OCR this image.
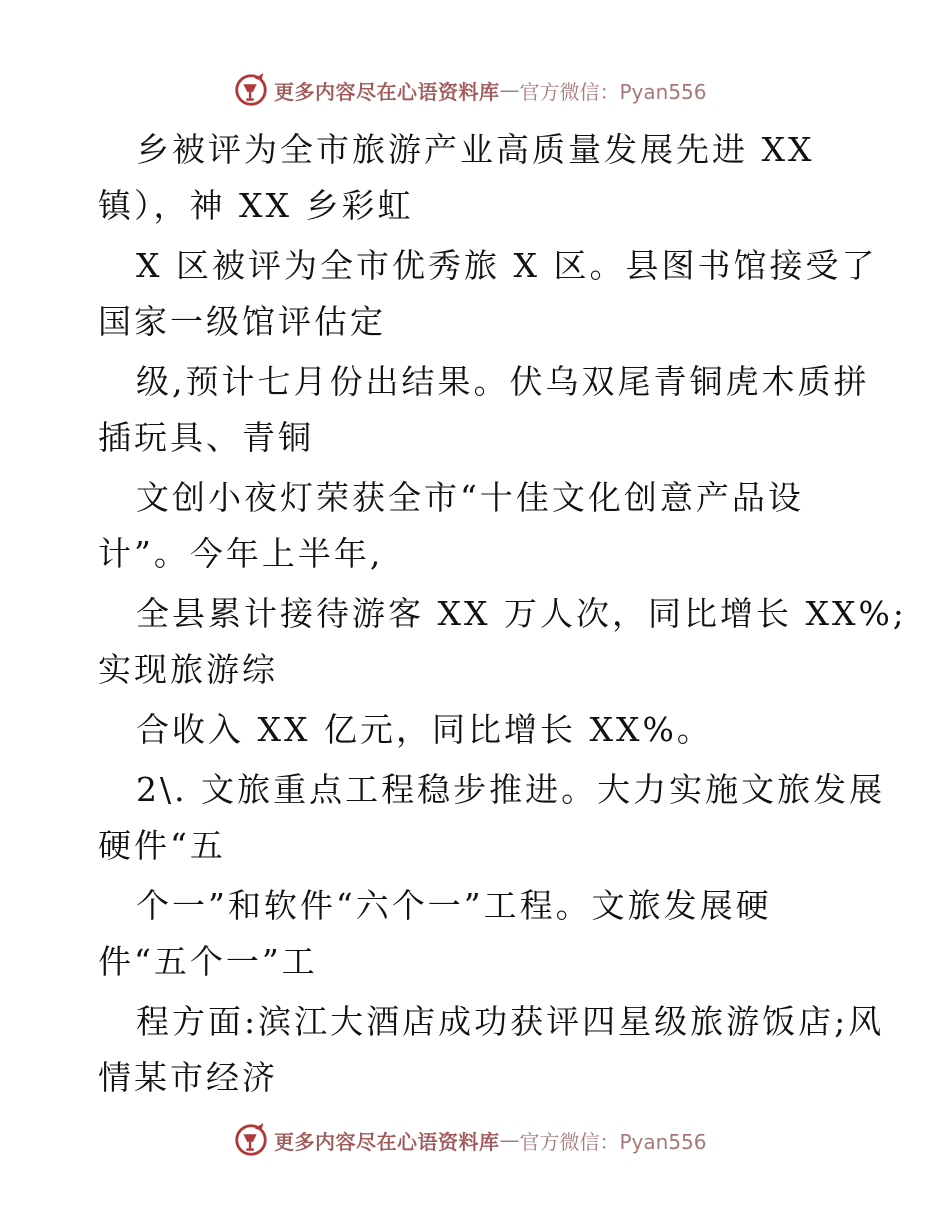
更多内容尽在心语资料库 — 官方微信：Pyan556
乡被评为全市旅游产业高质量发展先进 XX
镇），神 XX 乡彩虹
X 区被评为全市优秀旅 X 区。县图书馆接受了
国家一级馆评估定
级,预计七月份出结果。伏乌双尾青铜虎木质拼
插玩具、青铜
文创小夜灯荣获全市“十佳文化创意产品设
计”。今年上半年,
全县累计接待游客 XX 万人次，同比增长 XX%;
实现旅游综
合收入 XX 亿元，同比增长 XX%。
2\. 文旅重点工程稳步推进。大力实施文旅发展
硬件“五
个一”和软件“六个一”工程。文旅发展硬
件“五个一”工
程方面:滨江大酒店成功获评四星级旅游饭店;风
情某市经济
更多内容尽在心语资料库 — 官方微信：Pyan556
